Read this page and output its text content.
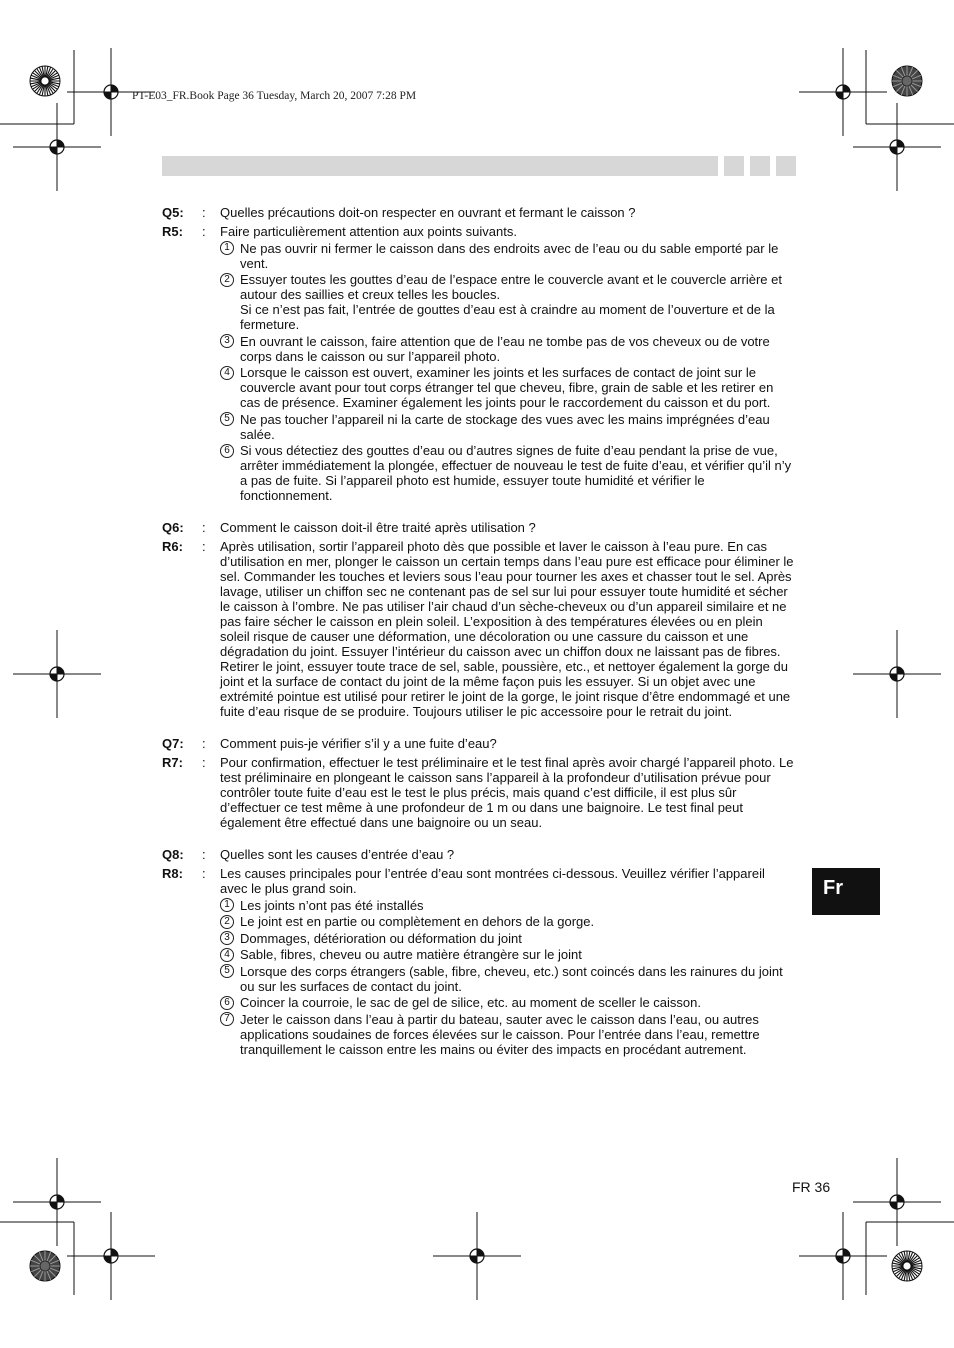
PT-E03_FR.Book Page 36 Tuesday, March 20, 2007 7:28 PM
Fr
Q5:	:	Quelles précautions doit-on respecter en ouvrant et fermant le caisson ?
R5:	:	Faire particulièrement attention aux points suivants.
1 Ne pas ouvrir ni fermer le caisson dans des endroits avec de l’eau ou du sable emporté par le vent.
2 Essuyer toutes les gouttes d’eau de l’espace entre le couvercle avant et le couvercle arrière et autour des saillies et creux telles les boucles.
Si ce n’est pas fait, l’entrée de gouttes d’eau est à craindre au moment de l’ouverture et de la fermeture.
3 En ouvrant le caisson, faire attention que de l’eau ne tombe pas de vos cheveux ou de votre corps dans le caisson ou sur l’appareil photo.
4 Lorsque le caisson est ouvert, examiner les joints et les surfaces de contact de joint sur le couvercle avant pour tout corps étranger tel que cheveu, fibre, grain de sable et les retirer en cas de présence. Examiner également les joints pour le raccordement du caisson et du port.
5 Ne pas toucher l’appareil ni la carte de stockage des vues avec les mains imprégnées d’eau salée.
6 Si vous détectiez des gouttes d’eau ou d’autres signes de fuite d’eau pendant la prise de vue, arrêter immédiatement la plongée, effectuer de nouveau le test de fuite d’eau, et vérifier qu’il n’y a pas de fuite. Si l’appareil photo est humide, essuyer toute humidité et vérifier le fonctionnement.
Q6:	:	Comment le caisson doit-il être traité après utilisation ?
R6:	:	Après utilisation, sortir l’appareil photo dès que possible et laver le caisson à l’eau pure. En cas d’utilisation en mer, plonger le caisson un certain temps dans l’eau pure est efficace pour éliminer le sel. Commander les touches et leviers sous l’eau pour tourner les axes et chasser tout le sel. Après lavage, utiliser un chiffon sec ne contenant pas de sel sur lui pour essuyer toute humidité et sécher le caisson à l’ombre. Ne pas utiliser l’air chaud d’un sèche-cheveux ou d’un appareil similaire et ne pas faire sécher le caisson en plein soleil. L’exposition à des températures élevées ou en plein soleil risque de causer une déformation, une décoloration ou une cassure du caisson et une dégradation du joint. Essuyer l’intérieur du caisson avec un chiffon doux ne laissant pas de fibres. Retirer le joint, essuyer toute trace de sel, sable, poussière, etc., et nettoyer également la gorge du joint et la surface de contact du joint de la même façon puis les essuyer. Si un objet avec une extrémité pointue est utilisé pour retirer le joint de la gorge, le joint risque d’être endommagé et une fuite d’eau risque de se produire. Toujours utiliser le pic accessoire pour le retrait du joint.
Q7:	:	Comment puis-je vérifier s’il y a une fuite d’eau?
R7:	:	Pour confirmation, effectuer le test préliminaire et le test final après avoir chargé l’appareil photo. Le test préliminaire en plongeant le caisson sans l’appareil à la profondeur d’utilisation prévue pour contrôler toute fuite d’eau est le test le plus précis, mais quand c’est difficile, il est plus sûr d’effectuer ce test même à une profondeur de 1 m ou dans une baignoire. Le test final peut également être effectué dans une baignoire ou un seau.
Q8:	:	Quelles sont les causes d’entrée d’eau ?
R8:	:	Les causes principales pour l’entrée d’eau sont montrées ci-dessous. Veuillez vérifier l’appareil avec le plus grand soin.
1 Les joints n’ont pas été installés
2 Le joint est en partie ou complètement en dehors de la gorge.
3 Dommages, détérioration ou déformation du joint
4 Sable, fibres, cheveu ou autre matière étrangère sur le joint
5 Lorsque des corps étrangers (sable, fibre, cheveu, etc.) sont coincés dans les rainures du joint ou sur les surfaces de contact du joint.
6 Coincer la courroie, le sac de gel de silice, etc. au moment de sceller le caisson.
7 Jeter le caisson dans l’eau à partir du bateau, sauter avec le caisson dans l’eau, ou autres applications soudaines de forces élevées sur le caisson. Pour l’entrée dans l’eau, remettre tranquillement le caisson entre les mains ou éviter des impacts en procédant autrement.
FR 36
